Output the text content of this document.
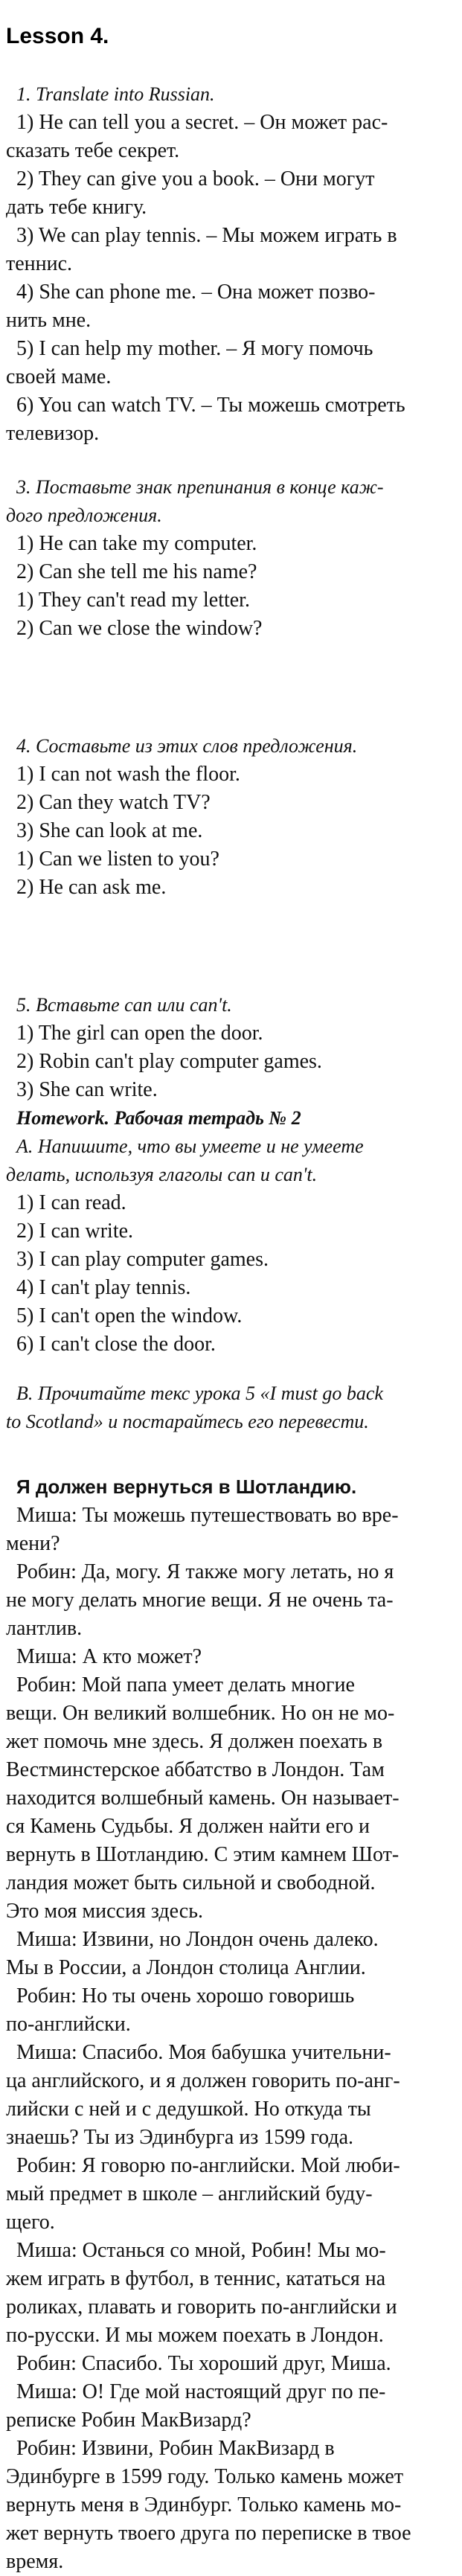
Lesson 4.

1. Translate into Russian.

1) He can tell you a secret. – Он может рас-

сказать тебе секрет.

2) They can give you a book. – Они могут

дать тебе книгу.

3) We can play tennis. – Мы можем играть в

теннис.

4) She can phone me. – Она может позво-

нить мне.

5) I can help my mother. – Я могу помочь

своей маме.

6) You can watch TV. – Ты можешь смотреть

телевизор.

3. Поставьте знак препинания в конце каж-

дого предложения.

1) He can take my computer.

2) Can she tell me his name?

1) They can't read my letter.

2) Can we close the window?

4. Составьте из этих слов предложения.

1) I can not wash the floor.

2) Can they watch TV?

3) She can look at me.

1) Can we listen to you?

2) He can ask me.

5. Вставьте can или can't.

1) The girl can open the door.

2) Robin can't play computer games.

3) She can write.

Homework. Рабочая тетрадь № 2

А. Напишите, что вы умеете и не умеете

делать, используя глаголы can и can't.

1) I can read.

2) I can write.

3) I can play computer games.

4) I can't play tennis.

5) I can't open the window.

6) I can't close the door.

B. Прочитайте текс урока 5 «I must go back

to Scotland» и постарайтесь его перевести.

Я должен вернуться в Шотландию.

Миша: Ты можешь путешествовать во вре-

мени?

Робин: Да, могу. Я также могу летать, но я

не могу делать многие вещи. Я не очень та-

лантлив.

Миша: А кто может?

Робин: Мой папа умеет делать многие

вещи. Он великий волшебник. Но он не мо-

жет помочь мне здесь. Я должен поехать в

Вестминстерское аббатство в Лондон. Там

находится волшебный камень. Он называет-

ся Камень Судьбы. Я должен найти его и

вернуть в Шотландию. С этим камнем Шот-

ландия может быть сильной и свободной.

Это моя миссия здесь.

Миша: Извини, но Лондон очень далеко.

Мы в России, а Лондон столица Англии.

Робин: Но ты очень хорошо говоришь

по-английски.

Миша: Спасибо. Моя бабушка учительни-

ца английского, и я должен говорить по-анг-

лийски с ней и с дедушкой. Но откуда ты

знаешь? Ты из Эдинбурга из 1599 года.

Робин: Я говорю по-английски. Мой люби-

мый предмет в школе – английский буду-

щего.

Миша: Останься со мной, Робин! Мы мо-

жем играть в футбол, в теннис, кататься на

роликах, плавать и говорить по-английски и

по-русски. И мы можем поехать в Лондон.

Робин: Спасибо. Ты хороший друг, Миша.

Миша: О! Где мой настоящий друг по пе-

реписке Робин МакВизард?

Робин: Извини, Робин МакВизард в

Эдинбурге в 1599 году. Только камень может

вернуть меня в Эдинбург. Только камень мо-

жет вернуть твоего друга по переписке в твое

время.
